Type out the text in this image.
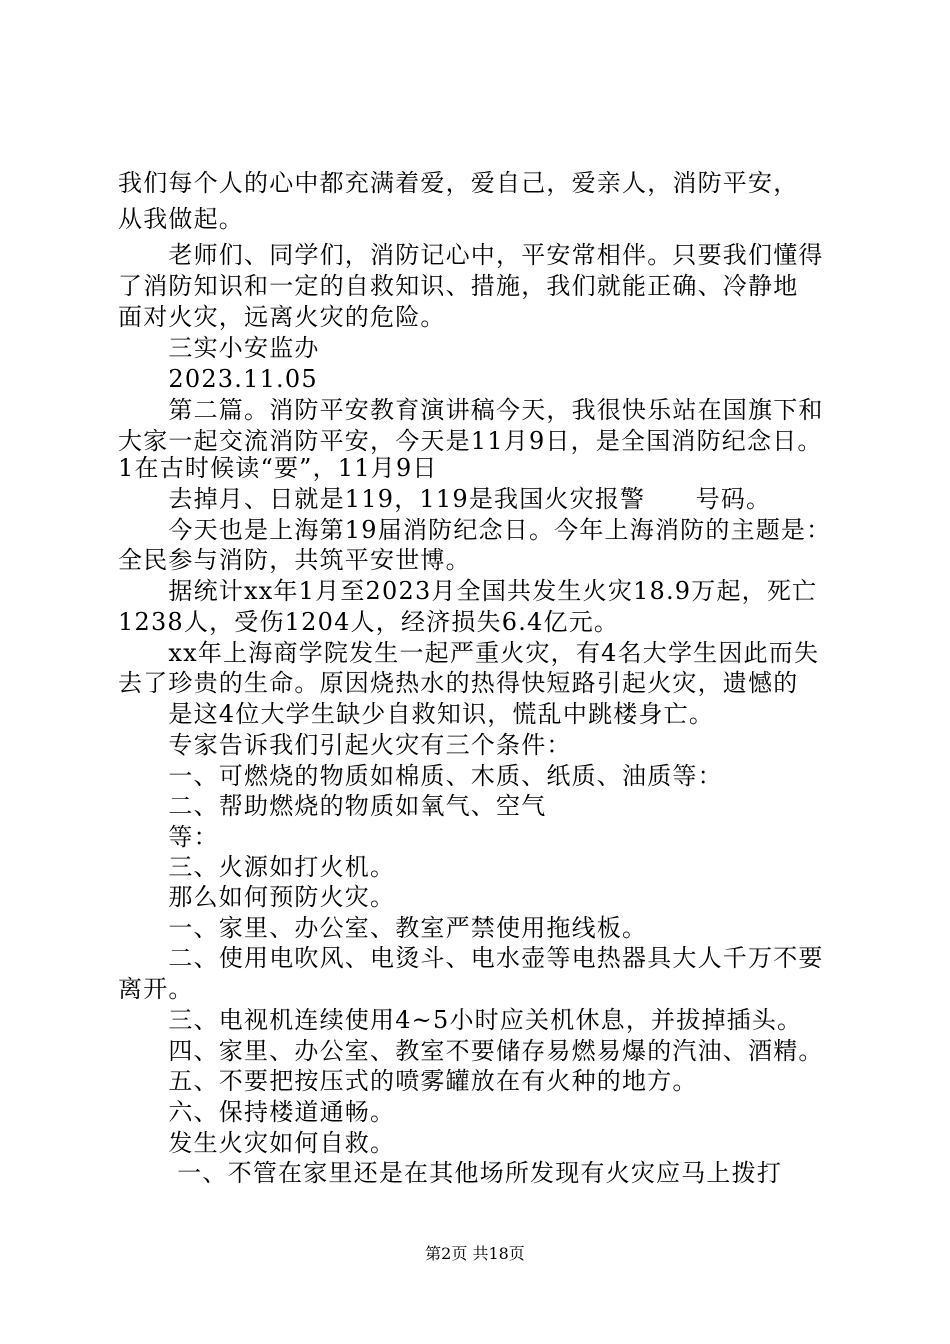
我们每个人的心中都充满着爱，爱自己，爱亲人，消防平安，
从我做起。
　　老师们、同学们，消防记心中，平安常相伴。只要我们懂得
了消防知识和一定的自救知识、措施，我们就能正确、冷静地
面对火灾，远离火灾的危险。
　　三实小安监办
　　2023.11.05
　　第二篇。消防平安教育演讲稿今天，我很快乐站在国旗下和
大家一起交流消防平安，今天是11月9日，是全国消防纪念日。
1在古时候读“要”，11月9日
　　去掉月、日就是119，119是我国火灾报警　　号码。
　　今天也是上海第19届消防纪念日。今年上海消防的主题是：
全民参与消防，共筑平安世博。
　　据统计xx年1月至2023月全国共发生火灾18.9万起，死亡
1238人，受伤1204人，经济损失6.4亿元。
　　xx年上海商学院发生一起严重火灾，有4名大学生因此而失
去了珍贵的生命。原因烧热水的热得快短路引起火灾，遗憾的
　　是这4位大学生缺少自救知识，慌乱中跳楼身亡。
　　专家告诉我们引起火灾有三个条件：
　　一、可燃烧的物质如棉质、木质、纸质、油质等：
　　二、帮助燃烧的物质如氧气、空气
　　等：
　　三、火源如打火机。
　　那么如何预防火灾。
　　一、家里、办公室、教室严禁使用拖线板。
　　二、使用电吹风、电烫斗、电水壶等电热器具大人千万不要
离开。
　　三、电视机连续使用4~5小时应关机休息，并拔掉插头。
　　四、家里、办公室、教室不要储存易燃易爆的汽油、酒精。
　　五、不要把按压式的喷雾罐放在有火种的地方。
　　六、保持楼道通畅。
　　发生火灾如何自救。
　　 一、不管在家里还是在其他场所发现有火灾应马上拨打
第2页 共18页
